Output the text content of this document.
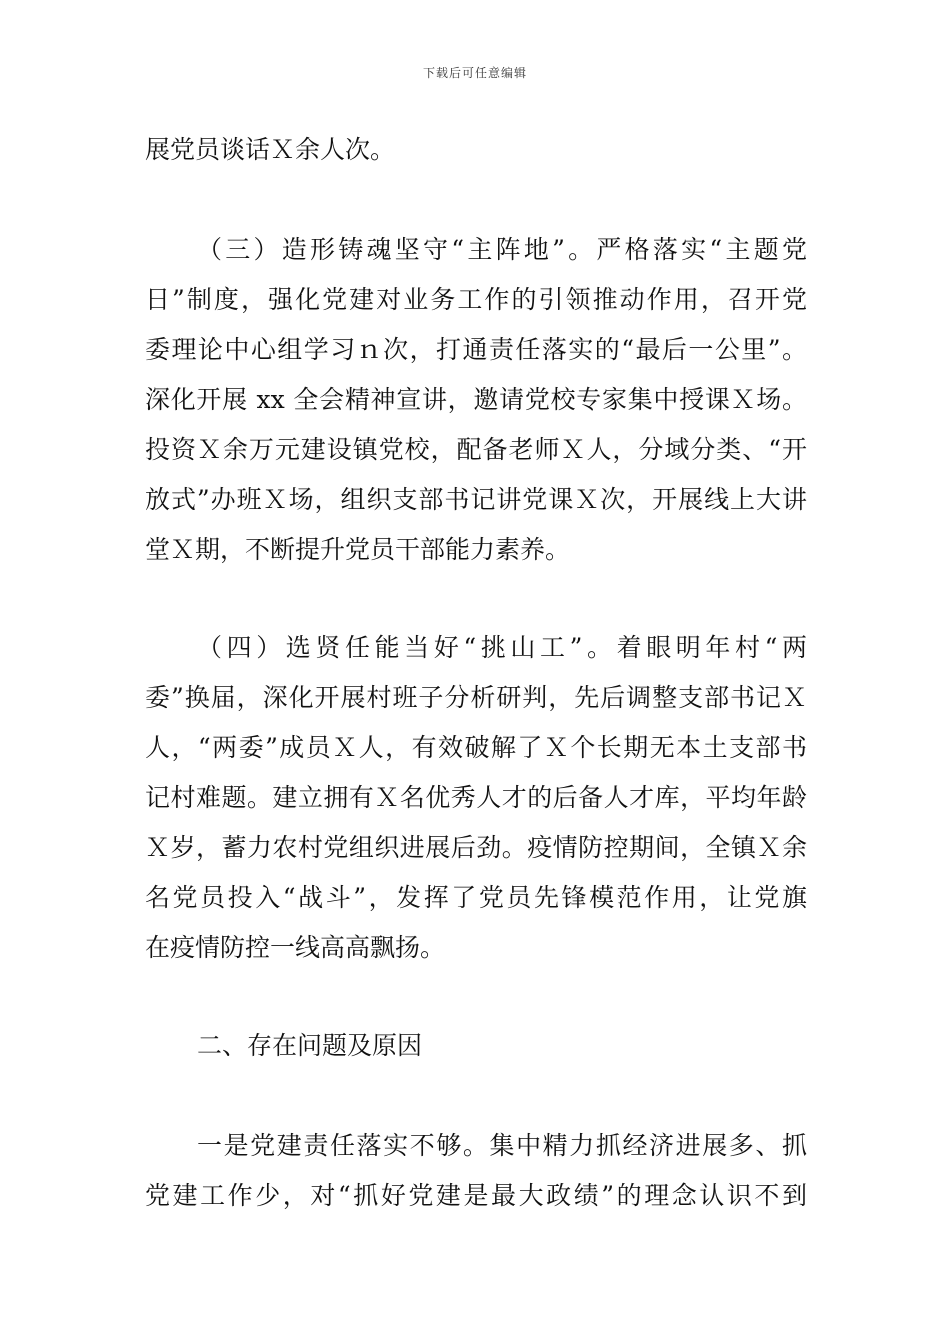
下载后可任意编辑
展党员谈话Ｘ余人次。
（三）造形铸魂坚守“主阵地”。严格落实“主题党
日”制度，强化党建对业务工作的引领推动作用，召开党
委理论中心组学习ｎ次，打通责任落实的“最后一公里”。
深化开展 xx 全会精神宣讲，邀请党校专家集中授课Ｘ场。
投资Ｘ余万元建设镇党校，配备老师Ｘ人，分域分类、“开
放式”办班Ｘ场，组织支部书记讲党课Ｘ次，开展线上大讲
堂Ｘ期，不断提升党员干部能力素养。
（四）选贤任能当好“挑山工”。着眼明年村“两
委”换届，深化开展村班子分析研判，先后调整支部书记Ｘ
人，“两委”成员Ｘ人，有效破解了Ｘ个长期无本土支部书
记村难题。建立拥有Ｘ名优秀人才的后备人才库，平均年龄
Ｘ岁，蓄力农村党组织进展后劲。疫情防控期间，全镇Ｘ余
名党员投入“战斗”，发挥了党员先锋模范作用，让党旗
在疫情防控一线高高飘扬。
二、存在问题及原因
一是党建责任落实不够。集中精力抓经济进展多、抓
党建工作少，对“抓好党建是最大政绩”的理念认识不到
